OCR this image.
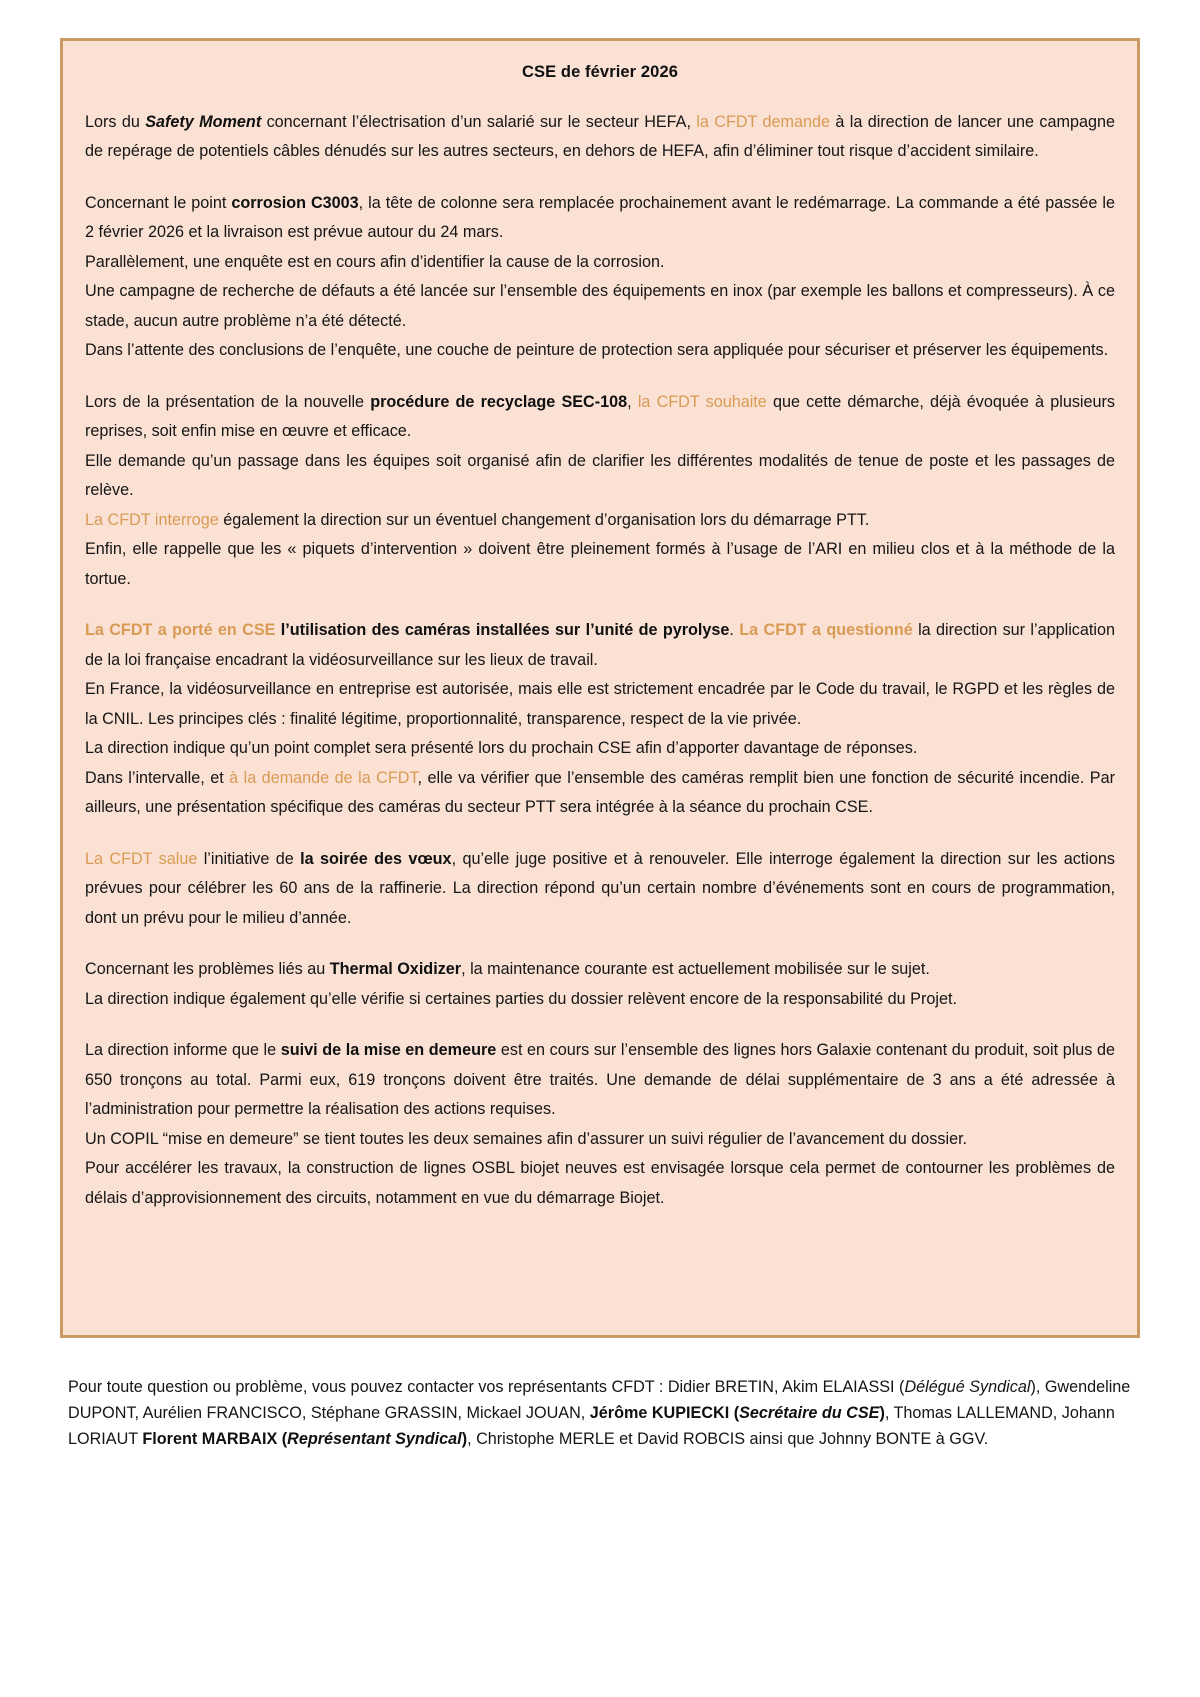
CSE de février 2026

Lors du Safety Moment concernant l’électrisation d’un salarié sur le secteur HEFA, la CFDT demande à la direction de lancer une campagne de repérage de potentiels câbles dénudés sur les autres secteurs, en dehors de HEFA, afin d’éliminer tout risque d’accident similaire.

Concernant le point corrosion C3003, la tête de colonne sera remplacée prochainement avant le redémarrage. La commande a été passée le 2 février 2026 et la livraison est prévue autour du 24 mars.
Parallèlement, une enquête est en cours afin d’identifier la cause de la corrosion.
Une campagne de recherche de défauts a été lancée sur l’ensemble des équipements en inox (par exemple les ballons et compresseurs). À ce stade, aucun autre problème n’a été détecté.
Dans l’attente des conclusions de l’enquête, une couche de peinture de protection sera appliquée pour sécuriser et préserver les équipements.

Lors de la présentation de la nouvelle procédure de recyclage SEC-108, la CFDT souhaite que cette démarche, déjà évoquée à plusieurs reprises, soit enfin mise en œuvre et efficace.
Elle demande qu’un passage dans les équipes soit organisé afin de clarifier les différentes modalités de tenue de poste et les passages de relève.
La CFDT interroge également la direction sur un éventuel changement d’organisation lors du démarrage PTT.
Enfin, elle rappelle que les « piquets d’intervention » doivent être pleinement formés à l’usage de l’ARI en milieu clos et à la méthode de la tortue.

La CFDT a porté en CSE l’utilisation des caméras installées sur l’unité de pyrolyse. La CFDT a questionné la direction sur l’application de la loi française encadrant la vidéosurveillance sur les lieux de travail.
En France, la vidéosurveillance en entreprise est autorisée, mais elle est strictement encadrée par le Code du travail, le RGPD et les règles de la CNIL. Les principes clés : finalité légitime, proportionnalité, transparence, respect de la vie privée.
La direction indique qu’un point complet sera présenté lors du prochain CSE afin d’apporter davantage de réponses.
Dans l’intervalle, et à la demande de la CFDT, elle va vérifier que l’ensemble des caméras remplit bien une fonction de sécurité incendie. Par ailleurs, une présentation spécifique des caméras du secteur PTT sera intégrée à la séance du prochain CSE.

La CFDT salue l’initiative de la soirée des vœux, qu’elle juge positive et à renouveler. Elle interroge également la direction sur les actions prévues pour célébrer les 60 ans de la raffinerie. La direction répond qu’un certain nombre d’événements sont en cours de programmation, dont un prévu pour le milieu d’année.

Concernant les problèmes liés au Thermal Oxidizer, la maintenance courante est actuellement mobilisée sur le sujet.
La direction indique également qu’elle vérifie si certaines parties du dossier relèvent encore de la responsabilité du Projet.

La direction informe que le suivi de la mise en demeure est en cours sur l’ensemble des lignes hors Galaxie contenant du produit, soit plus de 650 tronçons au total. Parmi eux, 619 tronçons doivent être traités. Une demande de délai supplémentaire de 3 ans a été adressée à l’administration pour permettre la réalisation des actions requises.
Un COPIL “mise en demeure” se tient toutes les deux semaines afin d’assurer un suivi régulier de l’avancement du dossier.
Pour accélérer les travaux, la construction de lignes OSBL biojet neuves est envisagée lorsque cela permet de contourner les problèmes de délais d’approvisionnement des circuits, notamment en vue du démarrage Biojet.

Pour toute question ou problème, vous pouvez contacter vos représentants CFDT : Didier BRETIN, Akim ELAIASSI (Délégué Syndical), Gwendeline DUPONT, Aurélien FRANCISCO, Stéphane GRASSIN, Mickael JOUAN, Jérôme KUPIECKI (Secrétaire du CSE), Thomas LALLEMAND, Johann LORIAUT Florent MARBAIX (Représentant Syndical), Christophe MERLE et David ROBCIS ainsi que Johnny BONTE à GGV.
